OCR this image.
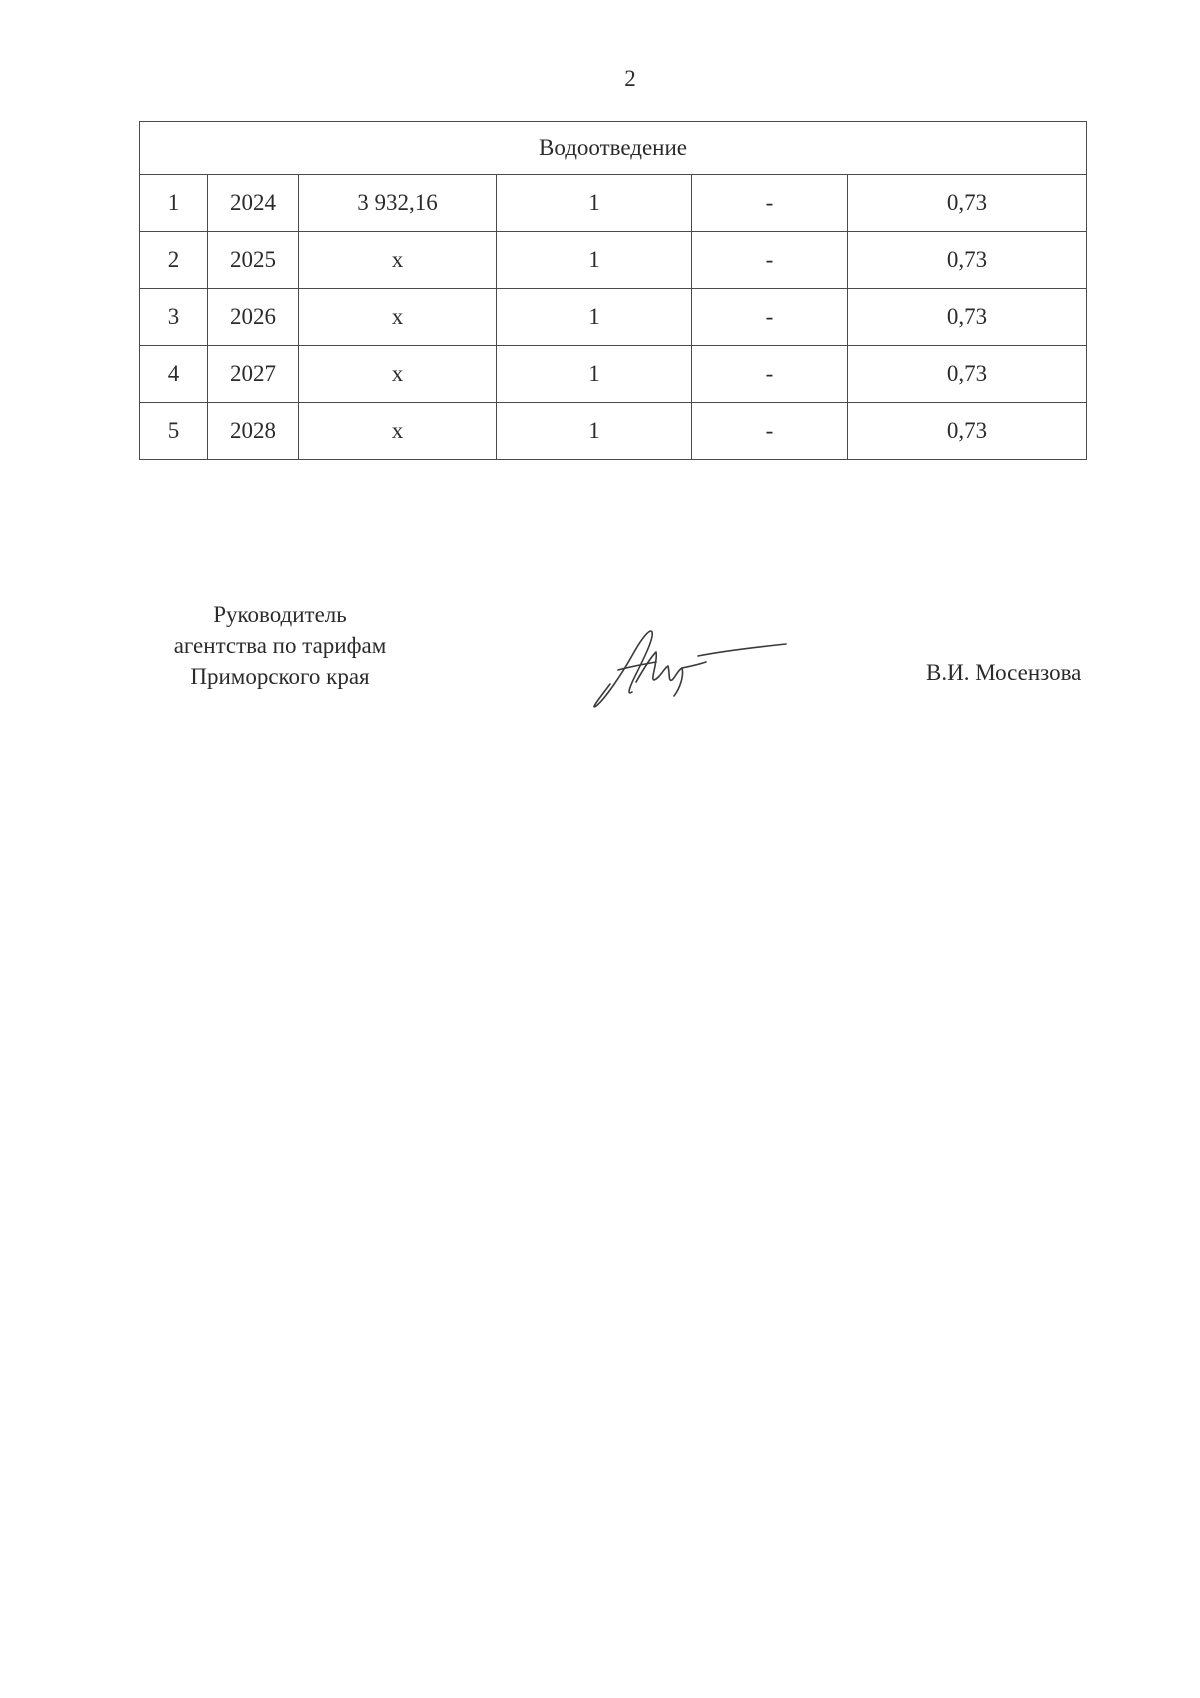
2
Водоотведение					
1	2024	3 932,16	1	-	0,73
2	2025	х	1	-	0,73
3	2026	х	1	-	0,73
4	2027	х	1	-	0,73
5	2028	х	1	-	0,73
Руководитель
агентства по тарифам
Приморского края	В.И. Мосензова
